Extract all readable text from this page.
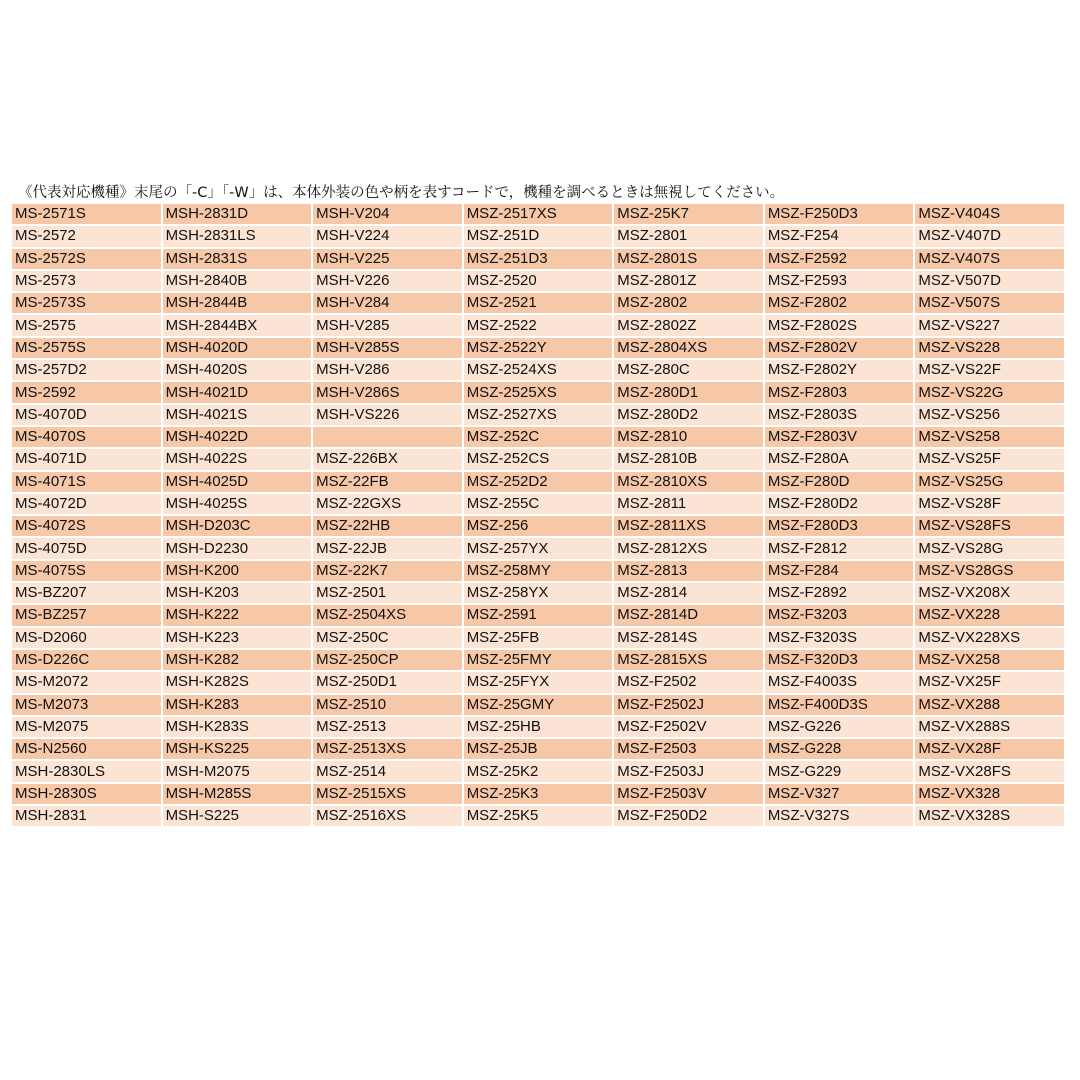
《代表対応機種》末尾の「-C」「-W」は、本体外装の色や柄を表すコードで，機種を調べるときは無視してください。
MS-2571S	MSH-2831D	MSH-V204	MSZ-2517XS	MSZ-25K7	MSZ-F250D3	MSZ-V404S
MS-2572	MSH-2831LS	MSH-V224	MSZ-251D	MSZ-2801	MSZ-F254	MSZ-V407D
MS-2572S	MSH-2831S	MSH-V225	MSZ-251D3	MSZ-2801S	MSZ-F2592	MSZ-V407S
MS-2573	MSH-2840B	MSH-V226	MSZ-2520	MSZ-2801Z	MSZ-F2593	MSZ-V507D
MS-2573S	MSH-2844B	MSH-V284	MSZ-2521	MSZ-2802	MSZ-F2802	MSZ-V507S
MS-2575	MSH-2844BX	MSH-V285	MSZ-2522	MSZ-2802Z	MSZ-F2802S	MSZ-VS227
MS-2575S	MSH-4020D	MSH-V285S	MSZ-2522Y	MSZ-2804XS	MSZ-F2802V	MSZ-VS228
MS-257D2	MSH-4020S	MSH-V286	MSZ-2524XS	MSZ-280C	MSZ-F2802Y	MSZ-VS22F
MS-2592	MSH-4021D	MSH-V286S	MSZ-2525XS	MSZ-280D1	MSZ-F2803	MSZ-VS22G
MS-4070D	MSH-4021S	MSH-VS226	MSZ-2527XS	MSZ-280D2	MSZ-F2803S	MSZ-VS256
MS-4070S	MSH-4022D		MSZ-252C	MSZ-2810	MSZ-F2803V	MSZ-VS258
MS-4071D	MSH-4022S	MSZ-226BX	MSZ-252CS	MSZ-2810B	MSZ-F280A	MSZ-VS25F
MS-4071S	MSH-4025D	MSZ-22FB	MSZ-252D2	MSZ-2810XS	MSZ-F280D	MSZ-VS25G
MS-4072D	MSH-4025S	MSZ-22GXS	MSZ-255C	MSZ-2811	MSZ-F280D2	MSZ-VS28F
MS-4072S	MSH-D203C	MSZ-22HB	MSZ-256	MSZ-2811XS	MSZ-F280D3	MSZ-VS28FS
MS-4075D	MSH-D2230	MSZ-22JB	MSZ-257YX	MSZ-2812XS	MSZ-F2812	MSZ-VS28G
MS-4075S	MSH-K200	MSZ-22K7	MSZ-258MY	MSZ-2813	MSZ-F284	MSZ-VS28GS
MS-BZ207	MSH-K203	MSZ-2501	MSZ-258YX	MSZ-2814	MSZ-F2892	MSZ-VX208X
MS-BZ257	MSH-K222	MSZ-2504XS	MSZ-2591	MSZ-2814D	MSZ-F3203	MSZ-VX228
MS-D2060	MSH-K223	MSZ-250C	MSZ-25FB	MSZ-2814S	MSZ-F3203S	MSZ-VX228XS
MS-D226C	MSH-K282	MSZ-250CP	MSZ-25FMY	MSZ-2815XS	MSZ-F320D3	MSZ-VX258
MS-M2072	MSH-K282S	MSZ-250D1	MSZ-25FYX	MSZ-F2502	MSZ-F4003S	MSZ-VX25F
MS-M2073	MSH-K283	MSZ-2510	MSZ-25GMY	MSZ-F2502J	MSZ-F400D3S	MSZ-VX288
MS-M2075	MSH-K283S	MSZ-2513	MSZ-25HB	MSZ-F2502V	MSZ-G226	MSZ-VX288S
MS-N2560	MSH-KS225	MSZ-2513XS	MSZ-25JB	MSZ-F2503	MSZ-G228	MSZ-VX28F
MSH-2830LS	MSH-M2075	MSZ-2514	MSZ-25K2	MSZ-F2503J	MSZ-G229	MSZ-VX28FS
MSH-2830S	MSH-M285S	MSZ-2515XS	MSZ-25K3	MSZ-F2503V	MSZ-V327	MSZ-VX328
MSH-2831	MSH-S225	MSZ-2516XS	MSZ-25K5	MSZ-F250D2	MSZ-V327S	MSZ-VX328S
